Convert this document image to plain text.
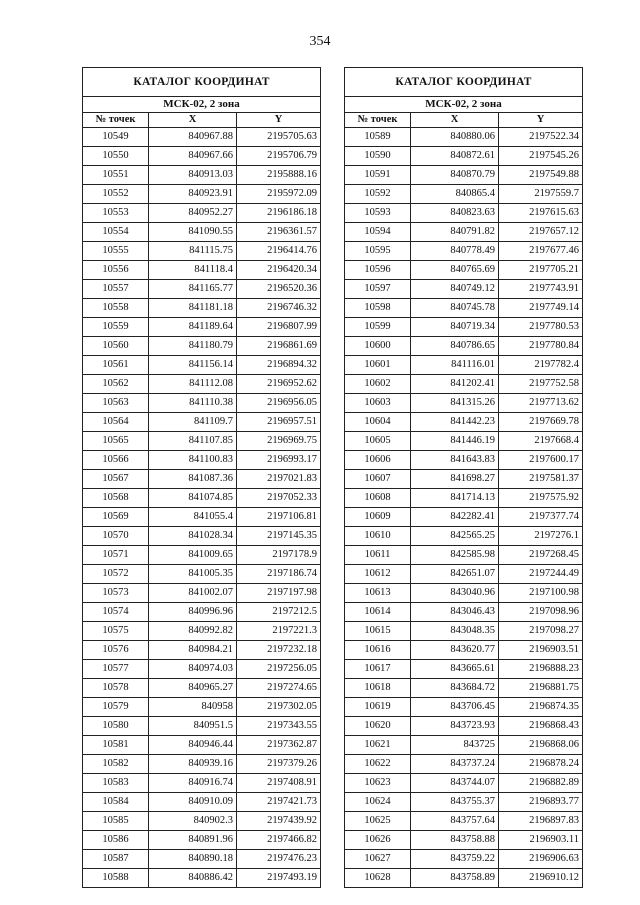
354
КАТАЛОГ КООРДИНАТ		
МСК-02, 2 зона		
№ точек	X	Y
10549	840967.88	2195705.63
10550	840967.66	2195706.79
10551	840913.03	2195888.16
10552	840923.91	2195972.09
10553	840952.27	2196186.18
10554	841090.55	2196361.57
10555	841115.75	2196414.76
10556	841118.4	2196420.34
10557	841165.77	2196520.36
10558	841181.18	2196746.32
10559	841189.64	2196807.99
10560	841180.79	2196861.69
10561	841156.14	2196894.32
10562	841112.08	2196952.62
10563	841110.38	2196956.05
10564	841109.7	2196957.51
10565	841107.85	2196969.75
10566	841100.83	2196993.17
10567	841087.36	2197021.83
10568	841074.85	2197052.33
10569	841055.4	2197106.81
10570	841028.34	2197145.35
10571	841009.65	2197178.9
10572	841005.35	2197186.74
10573	841002.07	2197197.98
10574	840996.96	2197212.5
10575	840992.82	2197221.3
10576	840984.21	2197232.18
10577	840974.03	2197256.05
10578	840965.27	2197274.65
10579	840958	2197302.05
10580	840951.5	2197343.55
10581	840946.44	2197362.87
10582	840939.16	2197379.26
10583	840916.74	2197408.91
10584	840910.09	2197421.73
10585	840902.3	2197439.92
10586	840891.96	2197466.82
10587	840890.18	2197476.23
10588	840886.42	2197493.19
КАТАЛОГ КООРДИНАТ		
МСК-02, 2 зона		
№ точек	X	Y
10589	840880.06	2197522.34
10590	840872.61	2197545.26
10591	840870.79	2197549.88
10592	840865.4	2197559.7
10593	840823.63	2197615.63
10594	840791.82	2197657.12
10595	840778.49	2197677.46
10596	840765.69	2197705.21
10597	840749.12	2197743.91
10598	840745.78	2197749.14
10599	840719.34	2197780.53
10600	840786.65	2197780.84
10601	841116.01	2197782.4
10602	841202.41	2197752.58
10603	841315.26	2197713.62
10604	841442.23	2197669.78
10605	841446.19	2197668.4
10606	841643.83	2197600.17
10607	841698.27	2197581.37
10608	841714.13	2197575.92
10609	842282.41	2197377.74
10610	842565.25	2197276.1
10611	842585.98	2197268.45
10612	842651.07	2197244.49
10613	843040.96	2197100.98
10614	843046.43	2197098.96
10615	843048.35	2197098.27
10616	843620.77	2196903.51
10617	843665.61	2196888.23
10618	843684.72	2196881.75
10619	843706.45	2196874.35
10620	843723.93	2196868.43
10621	843725	2196868.06
10622	843737.24	2196878.24
10623	843744.07	2196882.89
10624	843755.37	2196893.77
10625	843757.64	2196897.83
10626	843758.88	2196903.11
10627	843759.22	2196906.63
10628	843758.89	2196910.12
